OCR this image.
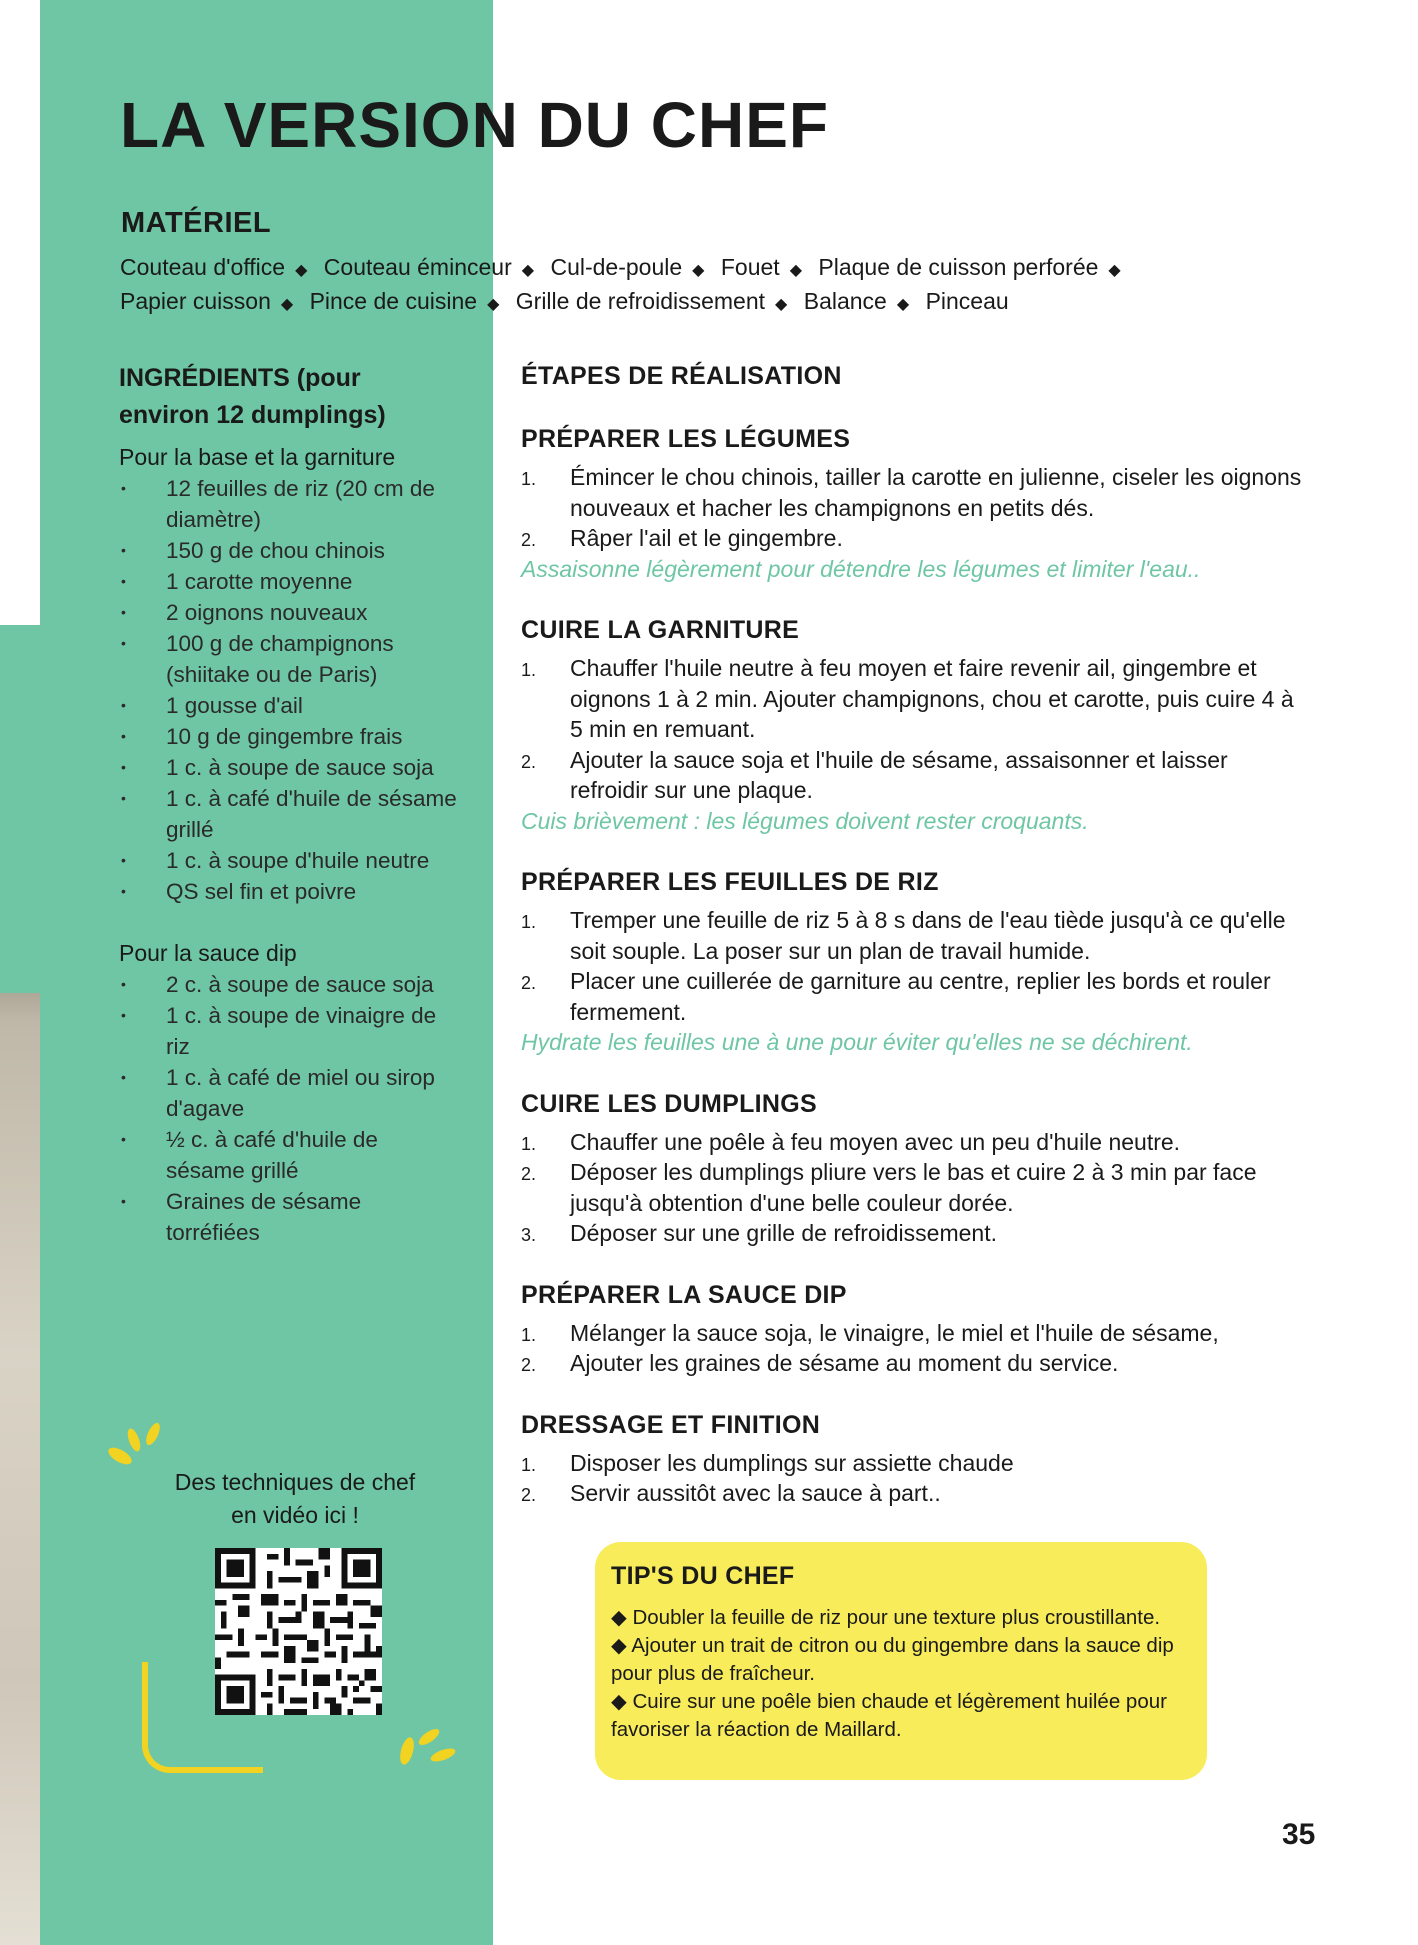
LA VERSION DU CHEF
MATÉRIEL
Couteau d'office ◆ Couteau éminceur ◆ Cul-de-poule ◆ Fouet ◆ Plaque de cuisson perforée ◆
Papier cuisson ◆ Pince de cuisine ◆ Grille de refroidissement ◆ Balance ◆ Pinceau
INGRÉDIENTS (pour
environ 12 dumplings)
Pour la base et la garniture
• 12 feuilles de riz (20 cm de diamètre)
• 150 g de chou chinois
• 1 carotte moyenne
• 2 oignons nouveaux
• 100 g de champignons (shiitake ou de Paris)
• 1 gousse d'ail
• 10 g de gingembre frais
• 1 c. à soupe de sauce soja
• 1 c. à café d'huile de sésame grillé
• 1 c. à soupe d'huile neutre
• QS sel fin et poivre
Pour la sauce dip
• 2 c. à soupe de sauce soja
• 1 c. à soupe de vinaigre de riz
• 1 c. à café de miel ou sirop d'agave
• ½ c. à café d'huile de sésame grillé
• Graines de sésame torréfiées
Des techniques de chef
en vidéo ici !
ÉTAPES DE RÉALISATION
PRÉPARER LES LÉGUMES
1. Émincer le chou chinois, tailler la carotte en julienne, ciseler les oignons nouveaux et hacher les champignons en petits dés.
2. Râper l'ail et le gingembre.
Assaisonne légèrement pour détendre les légumes et limiter l'eau..
CUIRE LA GARNITURE
1. Chauffer l'huile neutre à feu moyen et faire revenir ail, gingembre et oignons 1 à 2 min. Ajouter champignons, chou et carotte, puis cuire 4 à 5 min en remuant.
2. Ajouter la sauce soja et l'huile de sésame, assaisonner et laisser refroidir sur une plaque.
Cuis brièvement : les légumes doivent rester croquants.
PRÉPARER LES FEUILLES DE RIZ
1. Tremper une feuille de riz 5 à 8 s dans de l'eau tiède jusqu'à ce qu'elle soit souple. La poser sur un plan de travail humide.
2. Placer une cuillerée de garniture au centre, replier les bords et rouler fermement.
Hydrate les feuilles une à une pour éviter qu'elles ne se déchirent.
CUIRE LES DUMPLINGS
1. Chauffer une poêle à feu moyen avec un peu d'huile neutre.
2. Déposer les dumplings pliure vers le bas et cuire 2 à 3 min par face jusqu'à obtention d'une belle couleur dorée.
3. Déposer sur une grille de refroidissement.
PRÉPARER LA SAUCE DIP
1. Mélanger la sauce soja, le vinaigre, le miel et l'huile de sésame,
2. Ajouter les graines de sésame au moment du service.
DRESSAGE ET FINITION
1. Disposer les dumplings sur assiette chaude
2. Servir aussitôt avec la sauce à part..
TIP'S DU CHEF
◆ Doubler la feuille de riz pour une texture plus croustillante.
◆ Ajouter un trait de citron ou du gingembre dans la sauce dip pour plus de fraîcheur.
◆ Cuire sur une poêle bien chaude et légèrement huilée pour favoriser la réaction de Maillard.
35
